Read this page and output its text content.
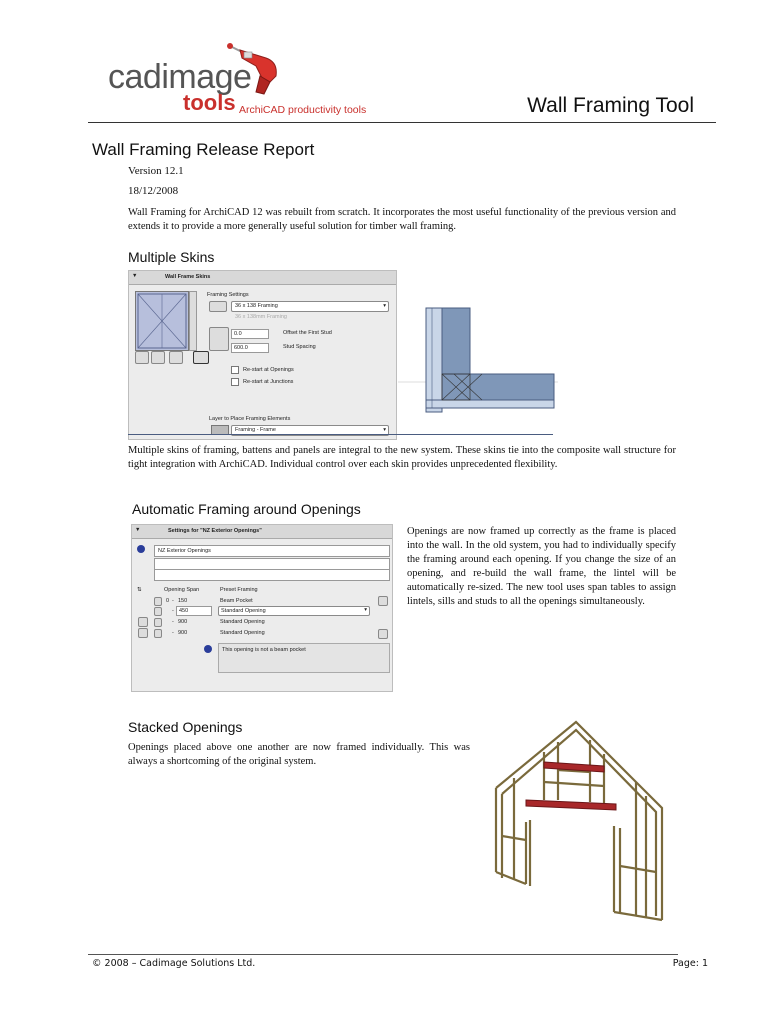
cadimage
tools ArchiCAD productivity tools	Wall Framing Tool
Wall Framing Release Report
Version 12.1
18/12/2008
Wall Framing for ArchiCAD 12 was rebuilt from scratch. It incorporates the most useful functionality of the previous version and extends it to provide a more generally useful solution for timber wall framing.
Multiple Skins
▼	Wall Frame Skins
Framing Settings
36 x 138 Framing	▾
36 x 138mm Framing
0.0	Offset the First Stud
600.0	Stud Spacing
Re-start at Openings
Re-start at Junctions
Layer to Place Framing Elements
Framing - Frame	▾
Multiple skins of framing, battens and panels are integral to the new system. These skins tie into the composite wall structure for tight integration with ArchiCAD. Individual control over each skin provides unprecedented flexibility.
Automatic Framing around Openings
▼	Settings for "NZ Exterior Openings"
NZ Exterior Openings
Opening Span	Preset Framing
⇅
0 - 150	Beam Pocket
- 450	Standard Opening	▾
- 900	Standard Opening
- 900	Standard Opening
This opening is not a beam pocket
Openings are now framed up correctly as the frame is placed into the wall. In the old system, you had to individually specify the framing around each opening. If you change the size of an opening, and re-build the wall frame, the lintel will be automatically re-sized. The new tool uses span tables to assign lintels, sills and studs to all the openings simultaneously.
Stacked Openings
Openings placed above one another are now framed individually. This was always a shortcoming of the original system.
© 2008 – Cadimage Solutions Ltd.	Page: 1
